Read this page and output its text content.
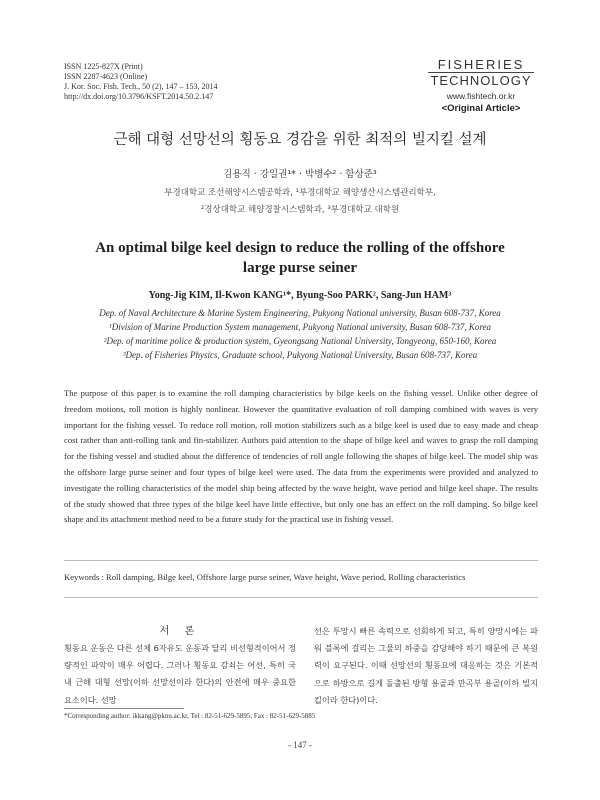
ISSN 1225-827X (Print)
ISSN 2287-4623 (Online)
J. Kor. Soc. Fish. Tech., 50 (2), 147 – 153, 2014
http://dx.doi.org/10.3796/KSFT.2014.50.2.147
FISHERIES
TECHNOLOGY
www.fishtech.or.kr
<Original Article>
근해 대형 선망선의 횡동요 경감을 위한 최적의 빌지킬 설계
김용직 · 강일권¹* · 박병수² · 함상준³
부경대학교 조선해양시스템공학과, ¹부경대학교 해양생산시스템관리학부,
²경상대학교 해양경찰시스템학과, ³부경대학교 대학원
An optimal bilge keel design to reduce the rolling of the offshore
large purse seiner
Yong-Jig KIM, Il-Kwon KANG¹*, Byung-Soo PARK², Sang-Jun HAM³
Dep. of Naval Architecture & Marine System Engineering, Pukyong National university, Busan 608-737, Korea
¹Division of Marine Production System management, Pukyong National university, Busan 608-737, Korea
²Dep. of maritime police & production system, Gyeongsang National University, Tongyeong, 650-160, Korea
³Dep. of Fisheries Physics, Graduate school, Pukyong National University, Busan 608-737, Korea
The purpose of this paper is to examine the roll damping characteristics by bilge keels on the fishing vessel. Unlike other degree of freedom motions, roll motion is highly nonlinear. However the quantitative evaluation of roll damping combined with waves is very important for the fishing vessel. To reduce roll motion, roll motion stabilizers such as a bilge keel is used due to easy made and cheap cost rather than anti-rolling tank and fin-stabilizer. Authors paid attention to the shape of bilge keel and waves to grasp the roll damping for the fishing vessel and studied about the difference of tendencies of roll angle following the shapes of bilge keel. The model ship was the offshore large purse seiner and four types of bilge keel were used. The data from the experiments were provided and analyzed to investigate the rolling characteristics of the model ship being affected by the wave height, wave period and bilge keel shape. The results of the study showed that three types of the bilge keel have little effective, but only one has an effect on the roll damping. So bilge keel shape and its attachment method need to be a future study for the practical use in fishing vessel.
Keywords : Roll damping, Bilge keel, Offshore large purse seiner, Wave height, Wave period, Rolling characteristics
서 론
횡동요 운동은 다른 선체 6자유도 운동과 달리 비선형적이어서 정량적인 파악이 매우 어렵다. 그러나 횡동요 감쇠는 어선, 특히 국내 근해 대형 선망(이하 선망선이라 한다)의 안전에 매우 중요한 요소이다. 선망
선은 투망시 빠른 속력으로 선회하게 되고, 특히 양망시에는 파워 블록에 걸리는 그물의 하중을 감당해야 하기 때문에 큰 복원력이 요구된다. 이때 선망선의 횡동요에 대응하는 것은 기본적으로 하방으로 길게 돌출된 방형 용골과 만곡부 용골(이하 빌지 킬이라 한다)이다.
*Corresponding author: ikkang@pknu.ac.kr, Tel : 82-51-629-5895, Fax : 82-51-629-5885
- 147 -
